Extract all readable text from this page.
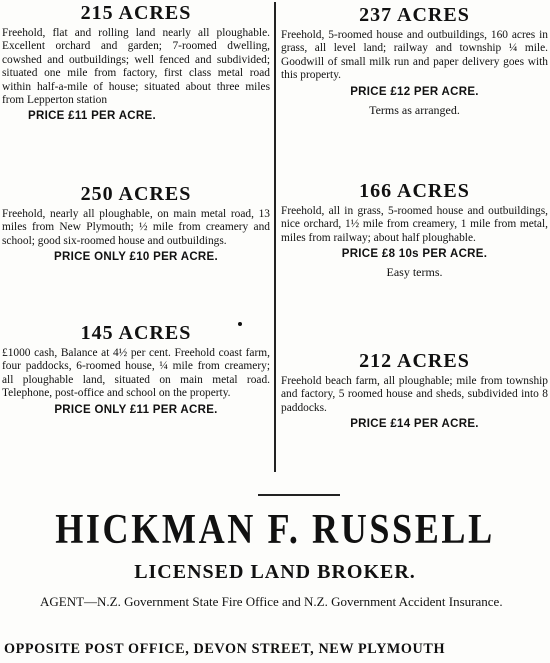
215 ACRES

Freehold, flat and rolling land nearly all ploughable. Excellent orchard and garden; 7-roomed dwelling, cowshed and outbuildings; well fenced and subdivided; situated one mile from factory, first class metal road within half-a-mile of house; situated about three miles from Lepperton station

PRICE £11 PER ACRE.

250 ACRES

Freehold, nearly all ploughable, on main metal road, 13 miles from New Plymouth; ½ mile from creamery and school; good six-roomed house and outbuildings.

PRICE ONLY £10 PER ACRE.

145 ACRES

£1000 cash, Balance at 4½ per cent. Freehold coast farm, four paddocks, 6-roomed house, ¼ mile from creamery; all ploughable land, situated on main metal road. Telephone, post-office and school on the property.

PRICE ONLY £11 PER ACRE.

237 ACRES

Freehold, 5-roomed house and outbuildings, 160 acres in grass, all level land; railway and township ¼ mile. Goodwill of small milk run and paper delivery goes with this property.

PRICE £12 PER ACRE.

Terms as arranged.

166 ACRES

Freehold, all in grass, 5-roomed house and outbuildings, nice orchard, 1½ mile from creamery, 1 mile from metal, miles from railway; about half ploughable.

PRICE £8 10s PER ACRE.

Easy terms.

212 ACRES

Freehold beach farm, all ploughable; mile from township and factory, 5 roomed house and sheds, subdivided into 8 paddocks.

PRICE £14 PER ACRE.

HICKMAN F. RUSSELL

LICENSED LAND BROKER.

AGENT—N.Z. Government State Fire Office and N.Z. Government Accident Insurance.

OPPOSITE POST OFFICE, DEVON STREET, NEW PLYMOUTH
